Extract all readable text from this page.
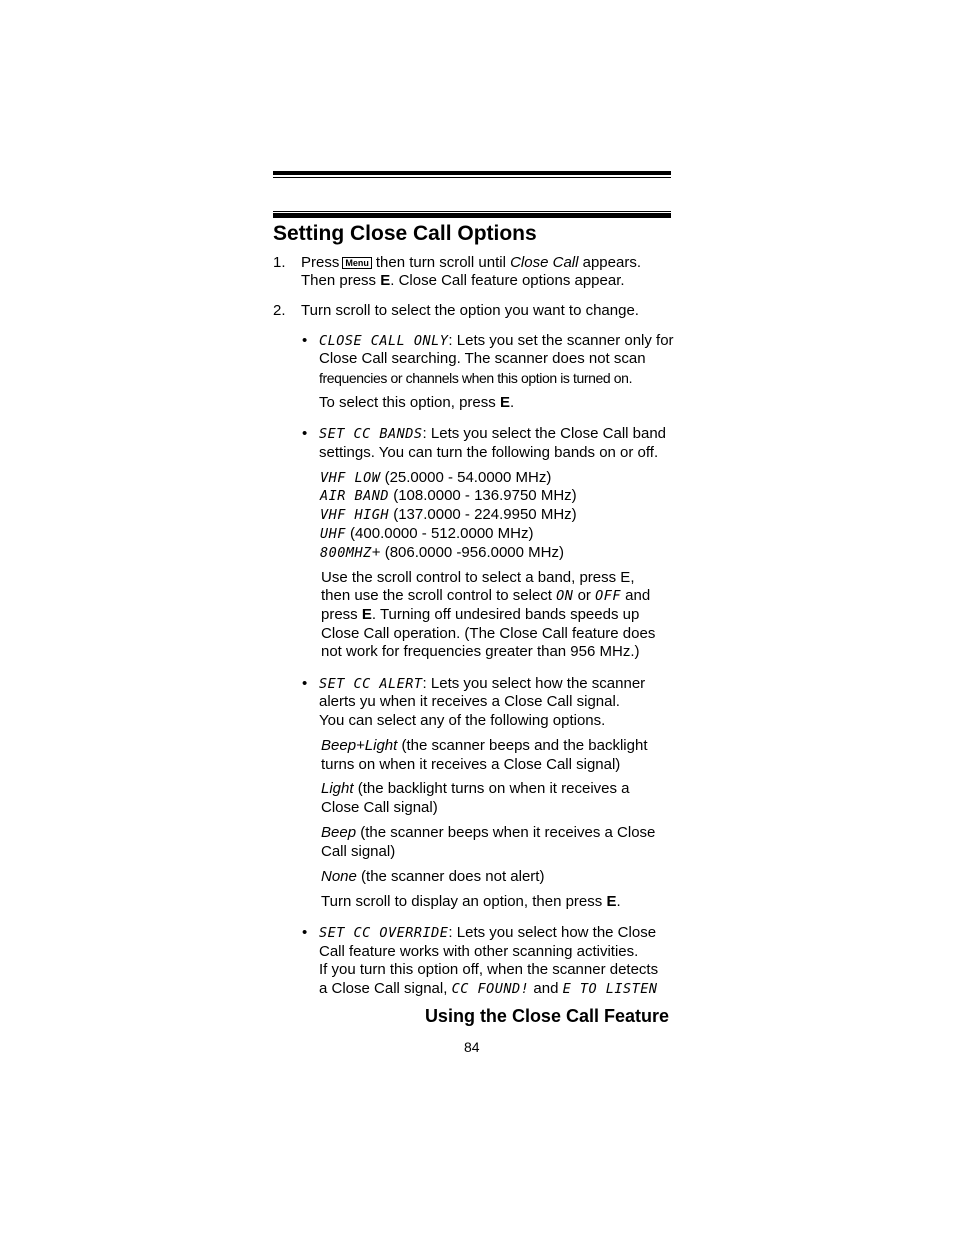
Setting Close Call Options
1. Press Menu then turn scroll until Close Call appears.
Then press E. Close Call feature options appear.
2. Turn scroll to select the option you want to change.
• CLOSE CALL ONLY: Lets you set the scanner only for
Close Call searching. The scanner does not scan
frequencies or channels when this option is turned on.
To select this option, press E.
• SET CC BANDS: Lets you select the Close Call band
settings. You can turn the following bands on or off.
VHF LOW (25.0000 - 54.0000 MHz)
AIR BAND (108.0000 - 136.9750 MHz)
VHF HIGH (137.0000 - 224.9950 MHz)
UHF (400.0000 - 512.0000 MHz)
800MHZ+ (806.0000 -956.0000 MHz)
Use the scroll control to select a band, press E,
then use the scroll control to select ON or OFF and
press E. Turning off undesired bands speeds up
Close Call operation. (The Close Call feature does
not work for frequencies greater than 956 MHz.)
• SET CC ALERT: Lets you select how the scanner
alerts yu when it receives a Close Call signal.
You can select any of the following options.
Beep+Light (the scanner beeps and the backlight
turns on when it receives a Close Call signal)
Light (the backlight turns on when it receives a
Close Call signal)
Beep (the scanner beeps when it receives a Close
Call signal)
None (the scanner does not alert)
Turn scroll to display an option, then press E.
• SET CC OVERRIDE: Lets you select how the Close
Call feature works with other scanning activities.
If you turn this option off, when the scanner detects
a Close Call signal, CC FOUND! and E TO LISTEN
Using the Close Call Feature
84
